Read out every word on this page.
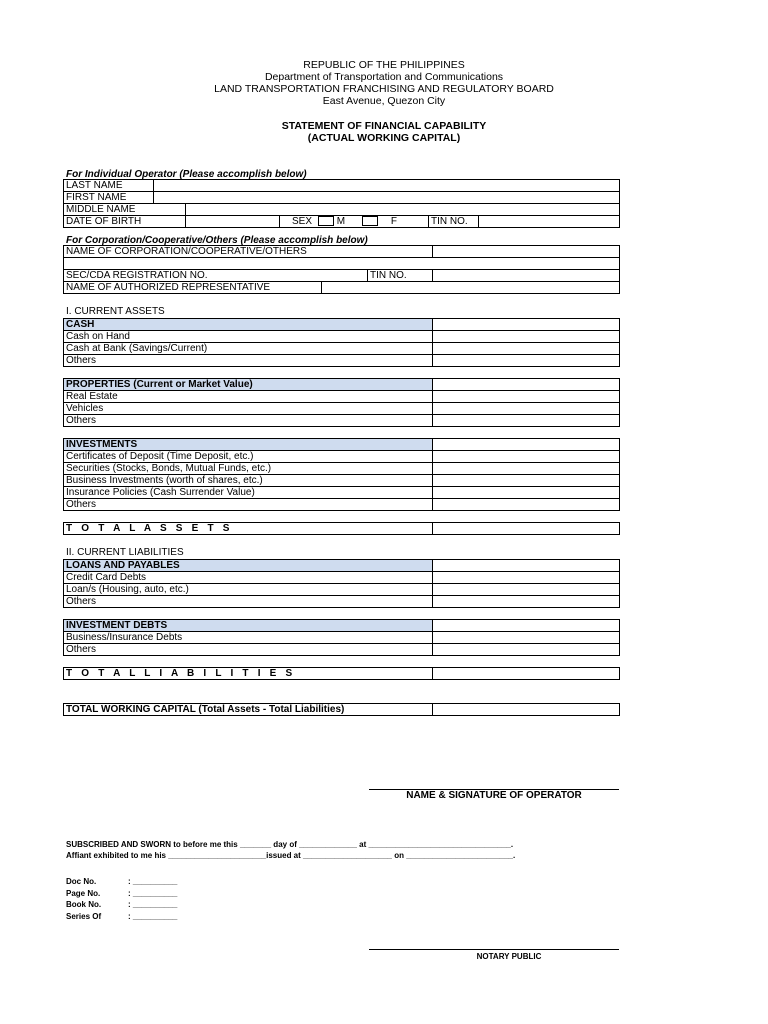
REPUBLIC OF THE PHILIPPINES
Department of Transportation and Communications
LAND TRANSPORTATION FRANCHISING AND REGULATORY BOARD
East Avenue, Quezon City
STATEMENT OF FINANCIAL CAPABILITY
(ACTUAL WORKING CAPITAL)
For Individual Operator (Please accomplish below)
LAST NAME					
FIRST NAME					
MIDDLE NAME					
DATE OF BIRTH			SEX M F	TIN NO.	
For Corporation/Cooperative/Others (Please accomplish below)
NAME OF CORPORATION/COOPERATIVE/OTHERS			

SEC/CDA REGISTRATION NO.		TIN NO.	
NAME OF AUTHORIZED REPRESENTATIVE			
I. CURRENT ASSETS
CASH	
Cash on Hand	
Cash at Bank (Savings/Current)	
Others	
PROPERTIES (Current or Market Value)	
Real Estate	
Vehicles	
Others	
INVESTMENTS	
Certificates of Deposit (Time Deposit, etc.)	
Securities (Stocks, Bonds, Mutual Funds, etc.)	
Business Investments (worth of shares, etc.)	
Insurance Policies (Cash Surrender Value)	
Others	
T O T A L A S S E T S	
II. CURRENT LIABILITIES
LOANS AND PAYABLES	
Credit Card Debts	
Loan/s (Housing, auto, etc.)	
Others	
INVESTMENT DEBTS	
Business/Insurance Debts	
Others	
T O T A L L I A B I L I T I E S	
TOTAL WORKING CAPITAL (Total Assets - Total Liabilities)	
NAME & SIGNATURE OF OPERATOR
SUBSCRIBED AND SWORN to before me this _______ day of _____________ at ________________________________.
Affiant exhibited to me his ______________________issued at ____________________ on ________________________.
Doc No.	: __________
Page No.	: __________
Book No.	: __________
Series Of	: __________
NOTARY PUBLIC
